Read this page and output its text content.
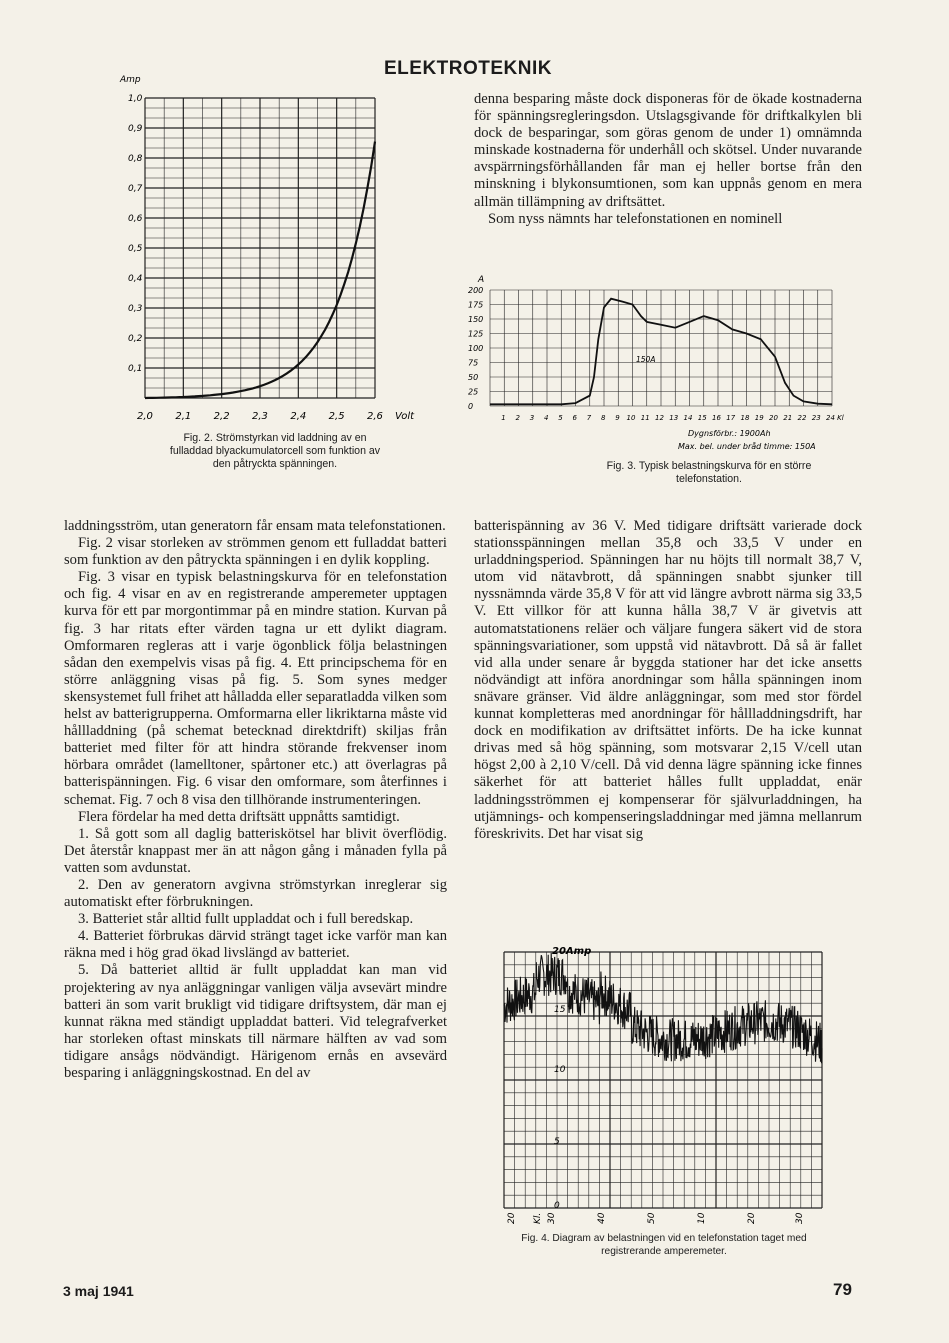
ELEKTROTEKNIK
Amp
1,0
0,9
0,8
0,7
0,6
0,5
0,4
0,3
0,2
0,1
2,0 2,1 2,2 2,3 2,4 2,5 2,6 Volt
Fig. 2. Strömstyrkan vid laddning av en fulladdad blyackumulatorcell som funktion av den påtryckta spänningen.

denna besparing måste dock disponeras för de ökade kostnaderna för spänningsregleringsdon. Utslagsgivande för driftkalkylen bli dock de besparingar, som göras genom de under 1) omnämnda minskade kostnaderna för underhåll och skötsel. Under nuvarande avspärrningsförhållanden får man ej heller bortse från den minskning i blykonsumtionen, som kan uppnås genom en mera allmän tillämpning av driftsättet.

Som nyss nämnts har telefonstationen en nominell

A
200
175
150
125
100
75
50
25
0
1 2 3 4 5 6 7 8 9 10 11 12 13 14 15 16 17 18 19 20 21 22 23 24 Kl
150A
Dygnsförbr.: 1900Ah
Max. bel. under bråd timme: 150A
Fig. 3. Typisk belastningskurva för en större telefonstation.

laddningsström, utan generatorn får ensam mata telefonstationen.

Fig. 2 visar storleken av strömmen genom ett fulladdat batteri som funktion av den påtryckta spänningen i en dylik koppling.

Fig. 3 visar en typisk belastningskurva för en telefonstation och fig. 4 visar en av en registrerande amperemeter upptagen kurva för ett par morgontimmar på en mindre station. Kurvan på fig. 3 har ritats efter värden tagna ur ett dylikt diagram. Omformaren regleras att i varje ögonblick följa belastningen sådan den exempelvis visas på fig. 4. Ett principschema för en större anläggning visas på fig. 5. Som synes medger skensystemet full frihet att hålladda eller separatladda vilken som helst av batterigrupperna. Omformarna eller likriktarna måste vid hållladdning (på schemat betecknad direktdrift) skiljas från batteriet med filter för att hindra störande frekvenser inom hörbara området (lamelltoner, spårtoner etc.) att överlagras på batterispänningen. Fig. 6 visar den omformare, som återfinnes i schemat. Fig. 7 och 8 visa den tillhörande instrumenteringen.

Flera fördelar ha med detta driftsätt uppnåtts samtidigt.

1. Så gott som all daglig batteriskötsel har blivit överflödig. Det återstår knappast mer än att någon gång i månaden fylla på vatten som avdunstat.

2. Den av generatorn avgivna strömstyrkan inreglerar sig automatiskt efter förbrukningen.

3. Batteriet står alltid fullt uppladdat och i full beredskap.

4. Batteriet förbrukas därvid strängt taget icke varför man kan räkna med i hög grad ökad livslängd av batteriet.

5. Då batteriet alltid är fullt uppladdat kan man vid projektering av nya anläggningar vanligen välja avsevärt mindre batteri än som varit brukligt vid tidigare driftsystem, där man ej kunnat räkna med ständigt uppladdat batteri. Vid telegrafverket har storleken oftast minskats till närmare hälften av vad som tidigare ansågs nödvändigt. Härigenom ernås en avsevärd besparing i anläggningskostnad. En del av

batterispänning av 36 V. Med tidigare driftsätt varierade dock stationsspänningen mellan 35,8 och 33,5 V under en urladdningsperiod. Spänningen har nu höjts till normalt 38,7 V, utom vid nätavbrott, då spänningen snabbt sjunker till nyssnämnda värde 35,8 V för att vid längre avbrott närma sig 33,5 V. Ett villkor för att kunna hålla 38,7 V är givetvis att automatstationens reläer och väljare fungera säkert vid de stora spänningsvariationer, som uppstå vid nätavbrott. Då så är fallet vid alla under senare år byggda stationer har det icke ansetts nödvändigt att införa anordningar som hålla spänningen inom snävare gränser. Vid äldre anläggningar, som med stor fördel kunnat kompletteras med anordningar för hållladdningsdrift, har dock en modifikation av driftsättet införts. De ha icke kunnat drivas med så hög spänning, som motsvarar 2,15 V/cell utan högst 2,00 à 2,10 V/cell. Då vid denna lägre spänning icke finnes säkerhet för att batteriet hålles fullt uppladdat, enär laddningsströmmen ej kompenserar för självurladdningen, ha utjämnings- och kompenseringsladdningar med jämna mellanrum föreskrivits. Det har visat sig

20Amp
15
10
5
0
20 Kl. 30	40	50	10	20	30
Fig. 4. Diagram av belastningen vid en telefonstation taget med registrerande amperemeter.
3 maj 1941	79
